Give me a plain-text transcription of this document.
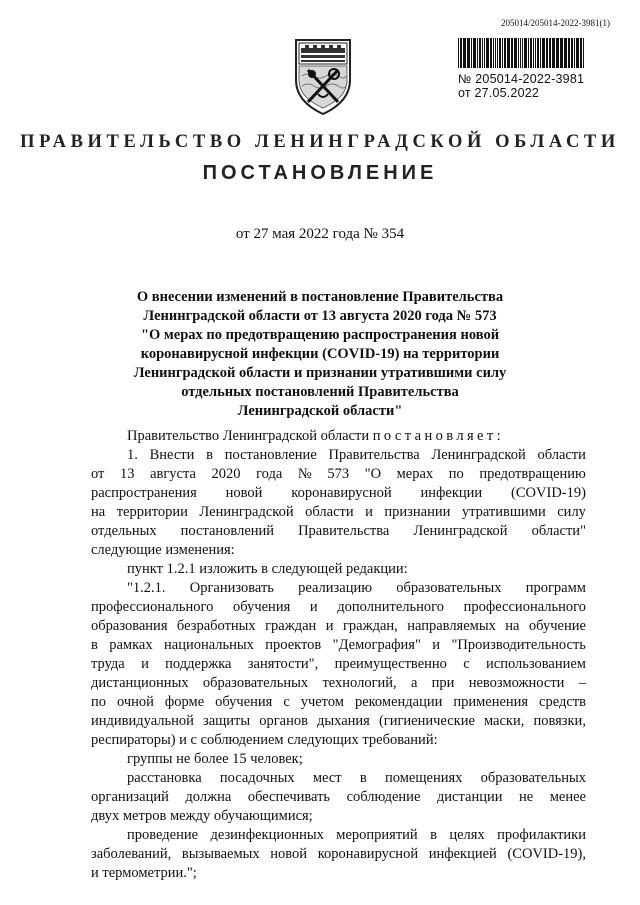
205014/205014-2022-3981(1)
№ 205014-2022-3981
от 27.05.2022
ПРАВИТЕЛЬСТВО ЛЕНИНГРАДСКОЙ ОБЛАСТИ
ПОСТАНОВЛЕНИЕ
от 27 мая 2022 года № 354
О внесении изменений в постановление Правительства
Ленинградской области от 13 августа 2020 года № 573
"О мерах по предотвращению распространения новой
коронавирусной инфекции (COVID-19) на территории
Ленинградской области и признании утратившими силу
отдельных постановлений Правительства
Ленинградской области"
Правительство Ленинградской области
постановляет:
1. Внести в постановление Правительства Ленинградской области
от 13 августа 2020 года № 573 "О мерах по предотвращению
распространения новой коронавирусной инфекции (COVID-19)
на территории Ленинградской области и признании утратившими силу
отдельных постановлений Правительства Ленинградской области"
следующие изменения:
пункт 1.2.1 изложить в следующей редакции:
"1.2.1. Организовать реализацию образовательных программ
профессионального обучения и дополнительного профессионального
образования безработных граждан и граждан, направляемых на обучение
в рамках национальных проектов "Демография" и "Производительность
труда и поддержка занятости", преимущественно с использованием
дистанционных образовательных технологий, а при невозможности –
по очной форме обучения с учетом рекомендации применения средств
индивидуальной защиты органов дыхания (гигиенические маски, повязки,
респираторы) и с соблюдением следующих требований:
группы не более 15 человек;
расстановка посадочных мест в помещениях образовательных
организаций должна обеспечивать соблюдение дистанции не менее
двух метров между обучающимися;
проведение дезинфекционных мероприятий в целях профилактики
заболеваний, вызываемых новой коронавирусной инфекцией (COVID-19),
и термометрии.";
